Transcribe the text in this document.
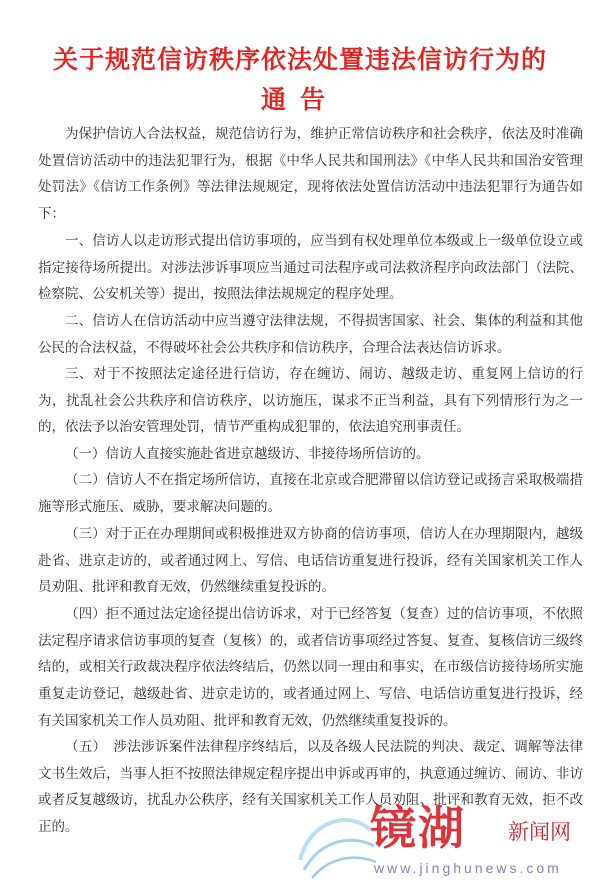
关于规范信访秩序依法处置违法信访行为的
通告

为保护信访人合法权益，规范信访行为，维护正常信访秩序和社会秩序，依法及时准确处置信访活动中的违法犯罪行为，根据《中华人民共和国刑法》《中华人民共和国治安管理处罚法》《信访工作条例》等法律法规规定，现将依法处置信访活动中违法犯罪行为通告如下：

一、信访人以走访形式提出信访事项的，应当到有权处理单位本级或上一级单位设立或指定接待场所提出。对涉法涉诉事项应当通过司法程序或司法救济程序向政法部门（法院、检察院、公安机关等）提出，按照法律法规规定的程序处理。

二、信访人在信访活动中应当遵守法律法规，不得损害国家、社会、集体的利益和其他公民的合法权益，不得破坏社会公共秩序和信访秩序，合理合法表达信访诉求。

三、对于不按照法定途径进行信访，存在缠访、闹访、越级走访、重复网上信访的行为，扰乱社会公共秩序和信访秩序，以访施压，谋求不正当利益，具有下列情形行为之一的，依法予以治安管理处罚，情节严重构成犯罪的，依法追究刑事责任。

（一）信访人直接实施赴省进京越级访、非接待场所信访的。

（二）信访人不在指定场所信访，直接在北京或合肥滞留以信访登记或扬言采取极端措施等形式施压、威胁，要求解决问题的。

（三）对于正在办理期间或积极推进双方协商的信访事项，信访人在办理期限内，越级赴省、进京走访的，或者通过网上、写信、电话信访重复进行投诉，经有关国家机关工作人员劝阻、批评和教育无效，仍然继续重复投诉的。

（四）拒不通过法定途径提出信访诉求，对于已经答复（复查）过的信访事项，不依照法定程序请求信访事项的复查（复核）的，或者信访事项经过答复、复查、复核信访三级终结的，或相关行政裁决程序依法终结后，仍然以同一理由和事实，在市级信访接待场所实施重复走访登记，越级赴省、进京走访的，或者通过网上、写信、电话信访重复进行投诉，经有关国家机关工作人员劝阻、批评和教育无效，仍然继续重复投诉的。

（五）　涉法涉诉案件法律程序终结后，以及各级人民法院的判决、裁定、调解等法律文书生效后，当事人拒不按照法律规定程序提出申诉或再审的，执意通过缠访、闹访、非访或者反复越级访，扰乱办公秩序，经有关国家机关工作人员劝阻、批评和教育无效，拒不改正的。	镜湖 新闻网
www.jinghunews.com
